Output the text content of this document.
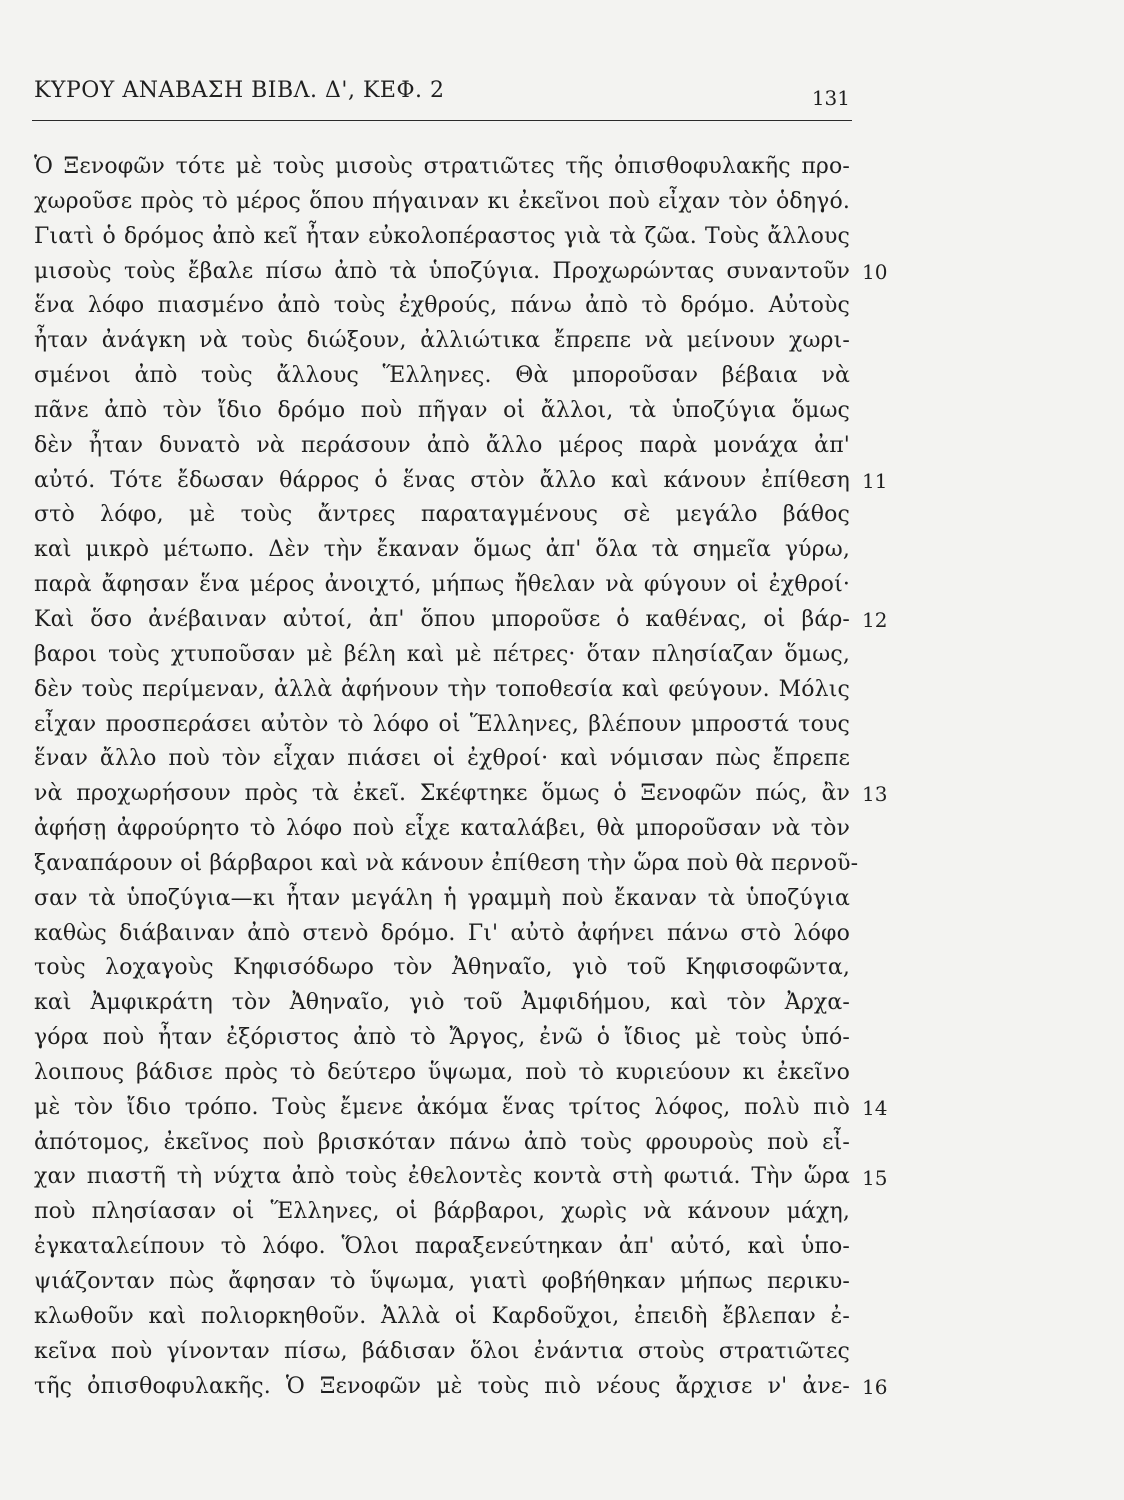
ΚΥΡΟΥ ΑΝΑΒΑΣΗ ΒΙΒΛ. Δ', ΚΕΦ. 2	131
Ὁ Ξενοφῶν τότε μὲ τοὺς μισοὺς στρατιῶτες τῆς ὀπισθοφυλακῆς προ-
χωροῦσε πρὸς τὸ μέρος ὅπου πήγαιναν κι ἐκεῖνοι ποὺ εἶχαν τὸν ὁδηγό.
Γιατὶ ὁ δρόμος ἀπὸ κεῖ ἦταν εὐκολοπέραστος γιὰ τὰ ζῶα. Τοὺς ἄλλους
μισοὺς τοὺς ἔβαλε πίσω ἀπὸ τὰ ὑποζύγια. Προχωρώντας συναντοῦν
ἕνα λόφο πιασμένο ἀπὸ τοὺς ἐχθρούς, πάνω ἀπὸ τὸ δρόμο. Αὐτοὺς
ἦταν ἀνάγκη νὰ τοὺς διώξουν, ἀλλιώτικα ἔπρεπε νὰ μείνουν χωρι-
σμένοι ἀπὸ τοὺς ἄλλους Ἕλληνες. Θὰ μποροῦσαν βέβαια νὰ
πᾶνε ἀπὸ τὸν ἴδιο δρόμο ποὺ πῆγαν οἱ ἄλλοι, τὰ ὑποζύγια ὅμως
δὲν ἦταν δυνατὸ νὰ περάσουν ἀπὸ ἄλλο μέρος παρὰ μονάχα ἀπ'
αὐτό. Τότε ἔδωσαν θάρρος ὁ ἕνας στὸν ἄλλο καὶ κάνουν ἐπίθεση
στὸ λόφο, μὲ τοὺς ἄντρες παραταγμένους σὲ μεγάλο βάθος
καὶ μικρὸ μέτωπο. Δὲν τὴν ἔκαναν ὅμως ἀπ' ὅλα τὰ σημεῖα γύρω,
παρὰ ἄφησαν ἕνα μέρος ἀνοιχτό, μήπως ἤθελαν νὰ φύγουν οἱ ἐχθροί·
Καὶ ὅσο ἀνέβαιναν αὐτοί, ἀπ' ὅπου μποροῦσε ὁ καθένας, οἱ βάρ-
βαροι τοὺς χτυποῦσαν μὲ βέλη καὶ μὲ πέτρες· ὅταν πλησίαζαν ὅμως,
δὲν τοὺς περίμεναν, ἀλλὰ ἀφήνουν τὴν τοποθεσία καὶ φεύγουν. Μόλις
εἶχαν προσπεράσει αὐτὸν τὸ λόφο οἱ Ἕλληνες, βλέπουν μπροστά τους
ἕναν ἄλλο ποὺ τὸν εἶχαν πιάσει οἱ ἐχθροί· καὶ νόμισαν πὼς ἔπρεπε
νὰ προχωρήσουν πρὸς τὰ ἐκεῖ. Σκέφτηκε ὅμως ὁ Ξενοφῶν πώς, ἂν
ἀφήσῃ ἀφρούρητο τὸ λόφο ποὺ εἶχε καταλάβει, θὰ μποροῦσαν νὰ τὸν
ξαναπάρουν οἱ βάρβαροι καὶ νὰ κάνουν ἐπίθεση τὴν ὥρα ποὺ θὰ περνοῦ-
σαν τὰ ὑποζύγια—κι ἦταν μεγάλη ἡ γραμμὴ ποὺ ἔκαναν τὰ ὑποζύγια
καθὼς διάβαιναν ἀπὸ στενὸ δρόμο. Γι' αὐτὸ ἀφήνει πάνω στὸ λόφο
τοὺς λοχαγοὺς Κηφισόδωρο τὸν Ἀθηναῖο, γιὸ τοῦ Κηφισοφῶντα,
καὶ Ἀμφικράτη τὸν Ἀθηναῖο, γιὸ τοῦ Ἀμφιδήμου, καὶ τὸν Ἀρχα-
γόρα ποὺ ἦταν ἐξόριστος ἀπὸ τὸ Ἄργος, ἐνῶ ὁ ἴδιος μὲ τοὺς ὑπό-
λοιπους βάδισε πρὸς τὸ δεύτερο ὕψωμα, ποὺ τὸ κυριεύουν κι ἐκεῖνο
μὲ τὸν ἴδιο τρόπο. Τοὺς ἔμενε ἀκόμα ἕνας τρίτος λόφος, πολὺ πιὸ
ἀπότομος, ἐκεῖνος ποὺ βρισκόταν πάνω ἀπὸ τοὺς φρουροὺς ποὺ εἶ-
χαν πιαστῆ τὴ νύχτα ἀπὸ τοὺς ἐθελοντὲς κοντὰ στὴ φωτιά. Τὴν ὥρα
ποὺ πλησίασαν οἱ Ἕλληνες, οἱ βάρβαροι, χωρὶς νὰ κάνουν μάχη,
ἐγκαταλείπουν τὸ λόφο. Ὅλοι παραξενεύτηκαν ἀπ' αὐτό, καὶ ὑπο-
ψιάζονταν πὼς ἄφησαν τὸ ὕψωμα, γιατὶ φοβήθηκαν μήπως περικυ-
κλωθοῦν καὶ πολιορκηθοῦν. Ἀλλὰ οἱ Καρδοῦχοι, ἐπειδὴ ἔβλεπαν ἐ-
κεῖνα ποὺ γίνονταν πίσω, βάδισαν ὅλοι ἐνάντια στοὺς στρατιῶτες
τῆς ὀπισθοφυλακῆς. Ὁ Ξενοφῶν μὲ τοὺς πιὸ νέους ἄρχισε ν' ἀνε-
10
11
12
13
14
15
16
